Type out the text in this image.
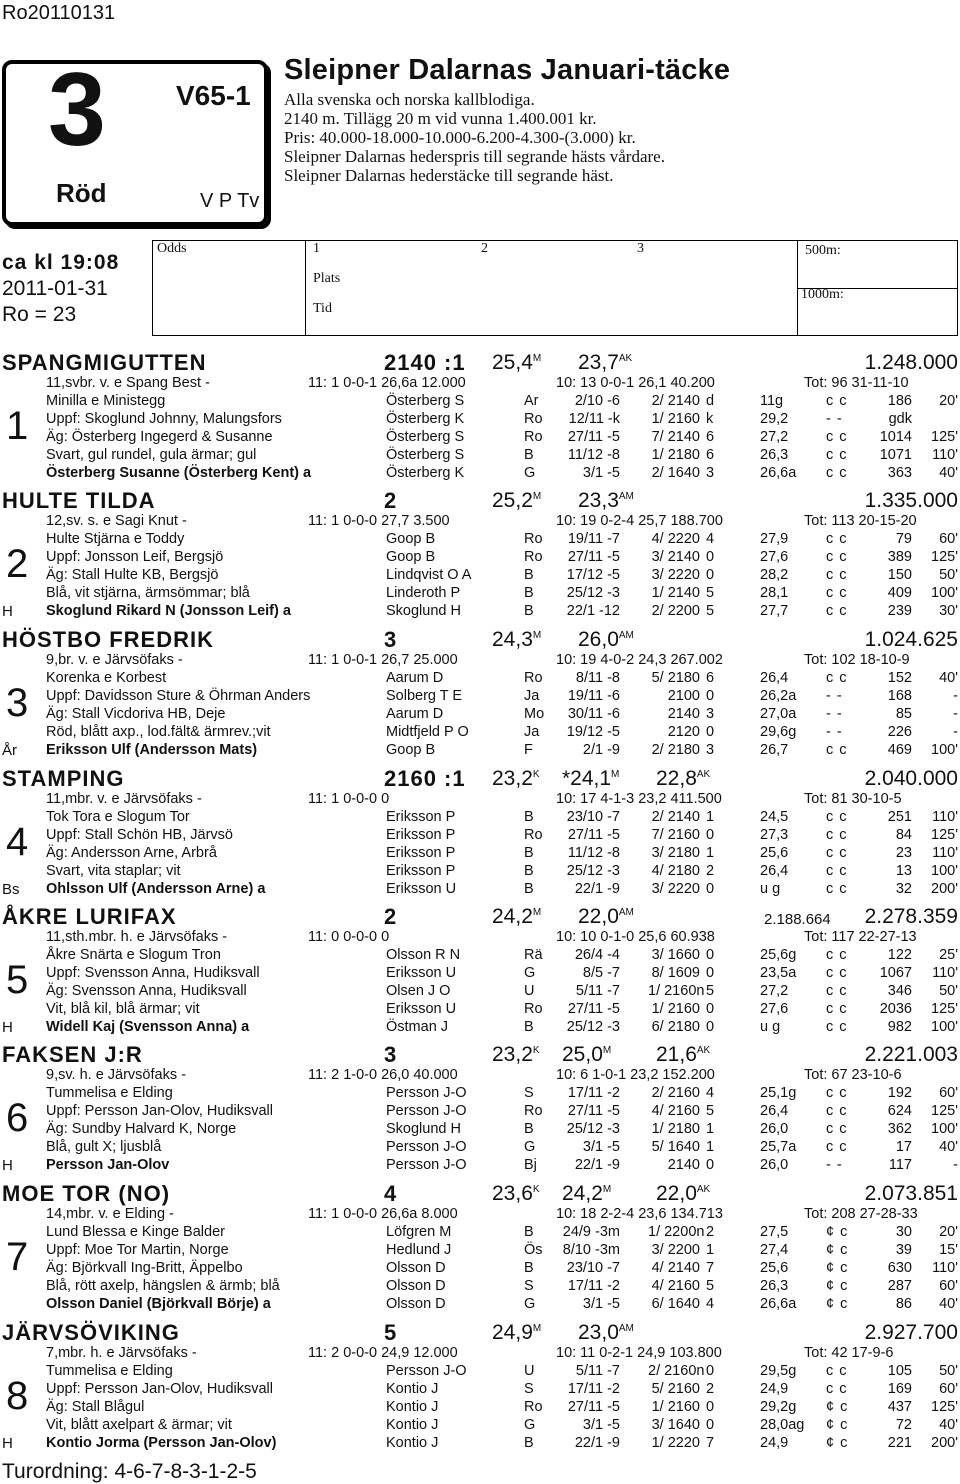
Ro20110131
3
Röd
V65-1
V P Tv
Sleipner Dalarnas Januari-täcke
Alla svenska och norska kallblodiga.
2140 m. Tillägg 20 m vid vunna 1.400.001 kr.
Pris: 40.000-18.000-10.000-6.200-4.300-(3.000) kr.
Sleipner Dalarnas hederspris till segrande hästs vårdare.
Sleipner Dalarnas hederstäcke till segrande häst.
ca kl 19:08
2011-01-31
Ro = 23
Odds	1	2	3
Plats
Tid
500m:
1000m:
SPANGMIGUTTEN	2140 :1 $25,4^M$ $23,7^{AK}$	1.248.000
11,svbr. v. e Spang Best -	11: 1 0-0-1 26,6a 12.000	10: 13 0-0-1 26,1 40.200	Tot: 96 31-11-10
1
Minilla e Ministegg	Österberg S	Ar	2/10 -6 2/ 2140 d	11g	c c	186 20'
Uppf: Skoglund Johnny, Malungsfors	Österberg K	Ro	12/11 -k 1/ 2160 k	29,2	- -	gdk
Äg: Österberg Ingegerd & Susanne	Österberg S	Ro	27/11 -5 7/ 2140 6	27,2	c c 1014 125'
Svart, gul rundel, gula ärmar; gul	Österberg S	B	11/12 -8 1/ 2180 6	26,3	c c 1071 110'
Österberg Susanne (Österberg Kent) a	Österberg K	G	3/1 -5 2/ 1640 3	26,6a c c	363 40'
HULTE TILDA	2	$25,2^M$ $23,3^{AM}$	1.335.000
12,sv. s. e Sagi Knut -	11: 1 0-0-0 27,7 3.500	10: 19 0-2-4 25,7 188.700	Tot: 113 20-15-20
2
H
Hulte Stjärna e Toddy	Goop B	Ro	19/11 -7 4/ 2220 4	27,9	c c	79 60'
Uppf: Jonsson Leif, Bergsjö	Goop B	Ro	27/11 -5 3/ 2140 0	27,6	c c	389 125'
Äg: Stall Hulte KB, Bergsjö	Lindqvist O A	B	17/12 -5 3/ 2220 0	28,2	c c	150 50'
Blå, vit stjärna, ärmsömmar; blå	Linderoth P	B	25/12 -3 1/ 2140 5	28,1	c c	409 100'
Skoglund Rikard N (Jonsson Leif) a	Skoglund H	B	22/1 -12 2/ 2200 5	27,7	c c	239 30'
HÖSTBO FREDRIK	3	$24,3^M$ $26,0^{AM}$	1.024.625
9,br. v. e Järvsöfaks -	11: 1 0-0-1 26,7 25.000	10: 19 4-0-2 24,3 267.002	Tot: 102 18-10-9
3
År
Korenka e Korbest	Aarum D	Ro	8/11 -8 5/ 2180 6	26,4	c c	152 40'
Uppf: Davidsson Sture & Öhrman Anders	Solberg T E	Ja	19/11 -6	2100 0	26,2a - -	168	-
Äg: Stall Vicdoriva HB, Deje	Aarum D	Mo	30/11 -6	2140 3	27,0a - -	85	-
Röd, blått axp., lod.fält& ärmrev.;vit	Midtfjeld P O	Ja	19/12 -5	2120 0	29,6g - -	226	-
Eriksson Ulf (Andersson Mats)	Goop B	F	2/1 -9 2/ 2180 3	26,7	c c	469 100'
STAMPING	2160 :1 $23,2^K$ $*24,1^M$ $22,8^{AK}$	2.040.000
11,mbr. v. e Järvsöfaks -	11: 1 0-0-0 0	10: 17 4-1-3 23,2 411.500	Tot: 81 30-10-5
4
Bs
Tok Tora e Slogum Tor	Eriksson P	B	23/10 -7 2/ 2140 1	24,5	c c	251 110'
Uppf: Stall Schön HB, Järvsö	Eriksson P	Ro	27/11 -5 7/ 2160 0	27,3	c c	84 125'
Äg: Andersson Arne, Arbrå	Eriksson P	B	11/12 -8 3/ 2180 1	25,6	c c	23 110'
Svart, vita staplar; vit	Eriksson P	B	25/12 -3 4/ 2180 2	26,4	c c	13 100'
Ohlsson Ulf (Andersson Arne) a	Eriksson U	B	22/1 -9 3/ 2220 0	u g	c c	32 200'
ÅKRE LURIFAX	2	$24,2^M$ $22,0^{AM}$	2.188.664 2.278.359
11,sth.mbr. h. e Järvsöfaks -	11: 0 0-0-0 0	10: 10 0-1-0 25,6 60.938	Tot: 117 22-27-13
5
H
Åkre Snärta e Slogum Tron	Olsson R N	Rä	26/4 -4 3/ 1660 0	25,6g c c	122 25'
Uppf: Svensson Anna, Hudiksvall	Eriksson U	G	8/5 -7 8/ 1609 0	23,5a c c 1067 110'
Äg: Svensson Anna, Hudiksvall	Olsen J O	U	5/11 -7 1/ 2160n 5	27,2	c c	346 50'
Vit, blå kil, blå ärmar; vit	Eriksson U	Ro	27/11 -5 1/ 2160 0	27,6	c c 2036 125'
Widell Kaj (Svensson Anna) a	Östman J	B	25/12 -3 6/ 2180 0	u g	c c	982 100'
FAKSEN J:R	3	$23,2^K$ $25,0^M$ $21,6^{AK}$	2.221.003
9,sv. h. e Järvsöfaks -	11: 2 1-0-0 26,0 40.000	10: 6 1-0-1 23,2 152.200	Tot: 67 23-10-6
6
H
Tummelisa e Elding	Persson J-O	S	17/11 -2 2/ 2160 4	25,1g c c	192 60'
Uppf: Persson Jan-Olov, Hudiksvall	Persson J-O	Ro	27/11 -5 4/ 2160 5	26,4	c c	624 125'
Äg: Sundby Halvard K, Norge	Skoglund H	B	25/12 -3 1/ 2180 1	26,0	c c	362 100'
Blå, gult X; ljusblå	Persson J-O	G	3/1 -5 5/ 1640 1	25,7a c c	17 40'
Persson Jan-Olov	Persson J-O	Bj	22/1 -9	2140 0	26,0	- -	117	-
MOE TOR (NO)	4	$23,6^K$ $24,2^M$ $22,0^{AK}$	2.073.851
14,mbr. v. e Elding -	11: 1 0-0-0 26,6a 8.000	10: 18 2-2-4 23,6 134.713	Tot: 208 27-28-33
7
Lund Blessa e Kinge Balder	Löfgren M	B	24/9 -3m 1/ 2200n 2	27,5	¢ c	30 20'
Uppf: Moe Tor Martin, Norge	Hedlund J	Ös	8/10 -3m 3/ 2200 1	27,4	¢ c	39 15'
Äg: Björkvall Ing-Britt, Äppelbo	Olsson D	B	23/10 -7 4/ 2140 7	25,6	¢ c	630 110'
Blå, rött axelp, hängslen & ärmb; blå	Olsson D	S	17/11 -2 4/ 2160 5	26,3	¢ c	287 60'
Olsson Daniel (Björkvall Börje) a	Olsson D	G	3/1 -5 6/ 1640 4	26,6a ¢ c	86 40'
JÄRVSÖVIKING	5	$24,9^M$ $23,0^{AM}$	2.927.700
7,mbr. h. e Järvsöfaks -	11: 2 0-0-0 24,9 12.000	10: 11 0-2-1 24,9 103.800	Tot: 42 17-9-6
8
H
Tummelisa e Elding	Persson J-O	U	5/11 -7 2/ 2160n 0	29,5g c c	105 50'
Uppf: Persson Jan-Olov, Hudiksvall	Kontio J	S	17/11 -2 5/ 2160 2	24,9	c c	169 60'
Äg: Stall Blågul	Kontio J	Ro	27/11 -5 1/ 2160 0	29,2g ¢ c	437 125'
Vit, blått axelpart & ärmar; vit	Kontio J	G	3/1 -5 3/ 1640 0	28,0ag ¢ c	72 40'
Kontio Jorma (Persson Jan-Olov)	Kontio J	B	22/1 -9 1/ 2220 7	24,9	¢ c	221 200'
Turordning: 4-6-7-8-3-1-2-5
